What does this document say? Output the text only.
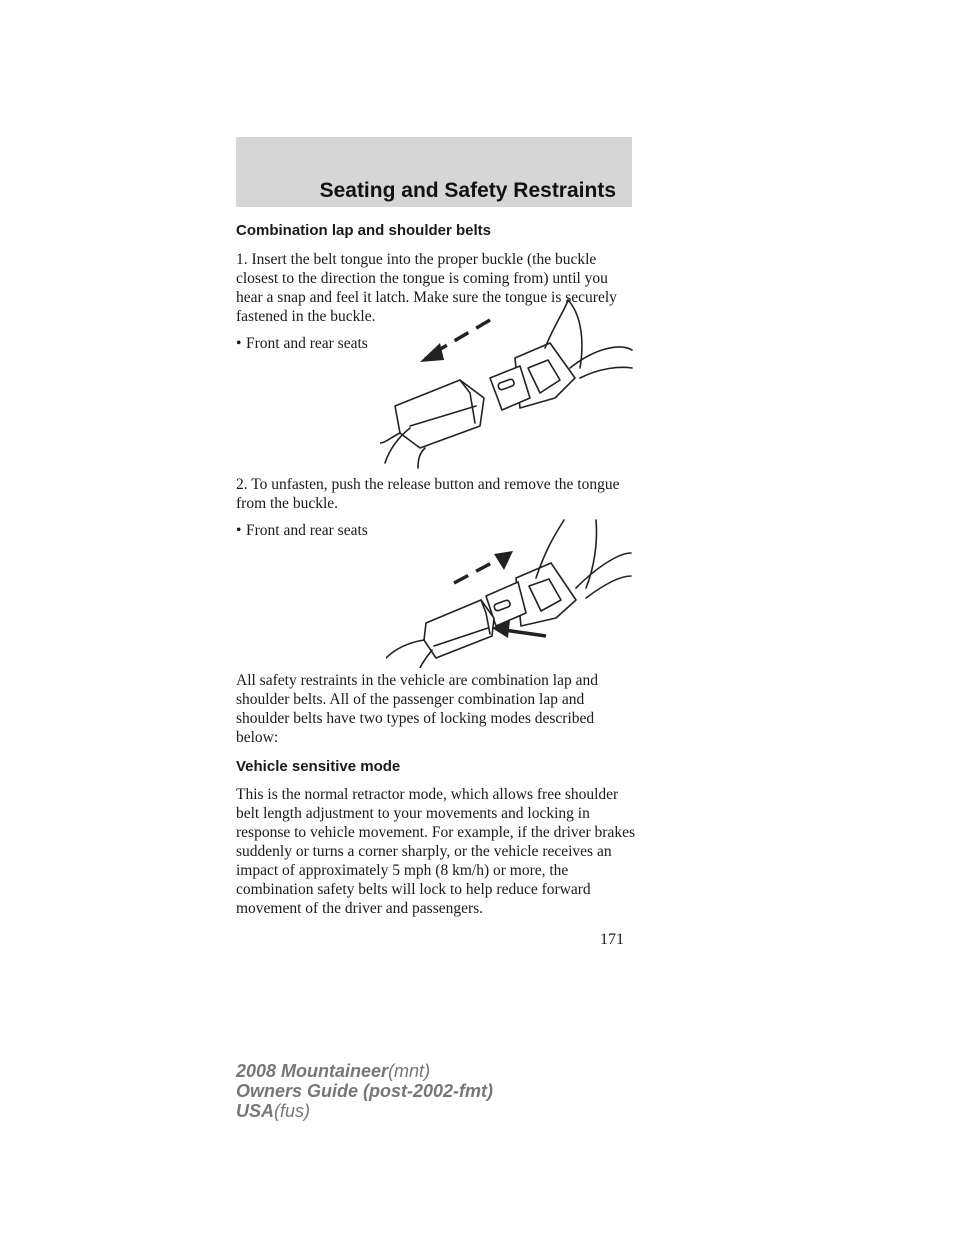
Seating and Safety Restraints

Combination lap and shoulder belts

1. Insert the belt tongue into the proper buckle (the buckle closest to the direction the tongue is coming from) until you hear a snap and feel it latch. Make sure the tongue is securely fastened in the buckle.

• Front and rear seats

2. To unfasten, push the release button and remove the tongue from the buckle.

• Front and rear seats

All safety restraints in the vehicle are combination lap and shoulder belts. All of the passenger combination lap and shoulder belts have two types of locking modes described below:

Vehicle sensitive mode

This is the normal retractor mode, which allows free shoulder belt length adjustment to your movements and locking in response to vehicle movement. For example, if the driver brakes suddenly or turns a corner sharply, or the vehicle receives an impact of approximately 5 mph (8 km/h) or more, the combination safety belts will lock to help reduce forward movement of the driver and passengers.

171
2008 Mountaineer(mnt)
Owners Guide (post-2002-fmt)
USA(fus)
